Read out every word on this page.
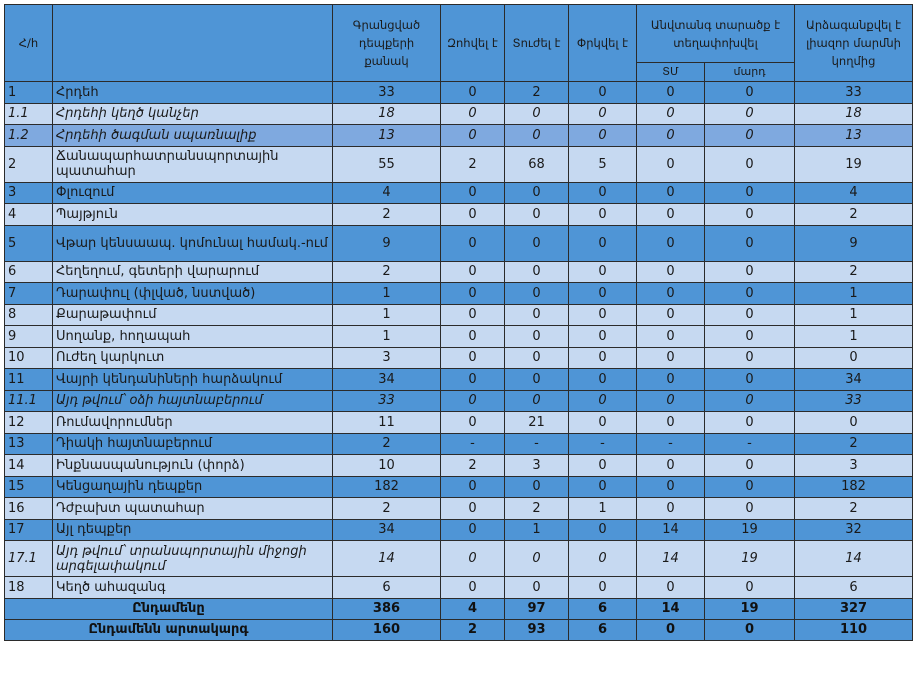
Հ/հ		Գրանցված դեպքերի քանակ	Զոհվել է	Տուժել է	Փրկվել է	Անվտանգ տարածք է տեղափոխվել		Արձագանքվել է լիազոր մարմնի կողմից
						ՏՄ	մարդ	
1	Հրդեհ	33	0	2	0	0	0	33
1.1	Հրդեհի կեղծ կանչեր	18	0	0	0	0	0	18
1.2	Հրդեհի ծագման սպառնալիք	13	0	0	0	0	0	13
2	Ճանապարհատրանսպորտային պատահար	55	2	68	5	0	0	19
3	Փլուզում	4	0	0	0	0	0	4
4	Պայթյուն	2	0	0	0	0	0	2
5	Վթար կենսաապ. կոմունալ համակ.-ում	9	0	0	0	0	0	9
6	Հեղեղում, գետերի վարարում	2	0	0	0	0	0	2
7	Դարափուլ (փլված, նստված)	1	0	0	0	0	0	1
8	Քարաթափում	1	0	0	0	0	0	1
9	Սողանք, հողապահ	1	0	0	0	0	0	1
10	Ուժեղ կարկուտ	3	0	0	0	0	0	0
11	Վայրի կենդանիների հարձակում	34	0	0	0	0	0	34
11.1	Այդ թվում՝ օձի հայտնաբերում	33	0	0	0	0	0	33
12	Ռումավորումներ	11	0	21	0	0	0	0
13	Դիակի հայտնաբերում	2	-	-	-	-	-	2
14	Ինքնասպանություն (փորձ)	10	2	3	0	0	0	3
15	Կենցաղային դեպքեր	182	0	0	0	0	0	182
16	Դժբախտ պատահար	2	0	2	1	0	0	2
17	Այլ դեպքեր	34	0	1	0	14	19	32
17.1	Այդ թվում՝ տրանսպորտային միջոցի արգելափակում	14	0	0	0	14	19	14
18	Կեղծ ահազանգ	6	0	0	0	0	0	6
Ընդամենը		386	4	97	6	14	19	327
Ընդամենն արտակարգ		160	2	93	6	0	0	110
